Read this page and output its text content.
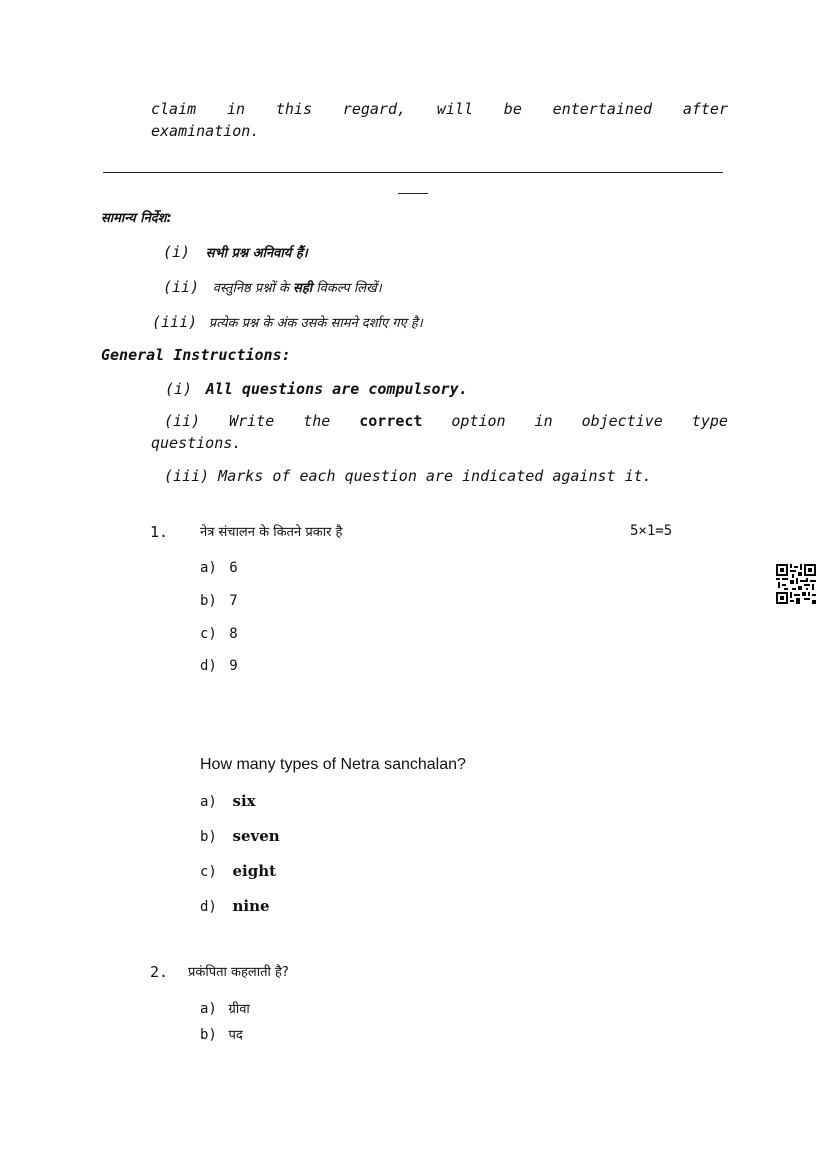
claim in this regard, will be entertained after
examination.
सामान्य निर्देश:
(i) सभी प्रश्न अनिवार्य हैं।
(ii) वस्तुनिष्ठ प्रश्नों के सही विकल्प लिखें।
(iii) प्रत्येक प्रश्न के अंक उसके सामने दर्शाए गए है।
General Instructions:
(i) All questions are compulsory.
(ii) Write the correct option in objective type
questions.
(iii) Marks of each question are indicated against it.
1. नेत्र संचालन के कितने प्रकार है	5×1=5
a) 6
b) 7
c) 8
d) 9
How many types of Netra sanchalan?
a) six
b) seven
c) eight
d) nine
2. प्रकंपिता कहलाती है?
a) ग्रीवा
b) पद
